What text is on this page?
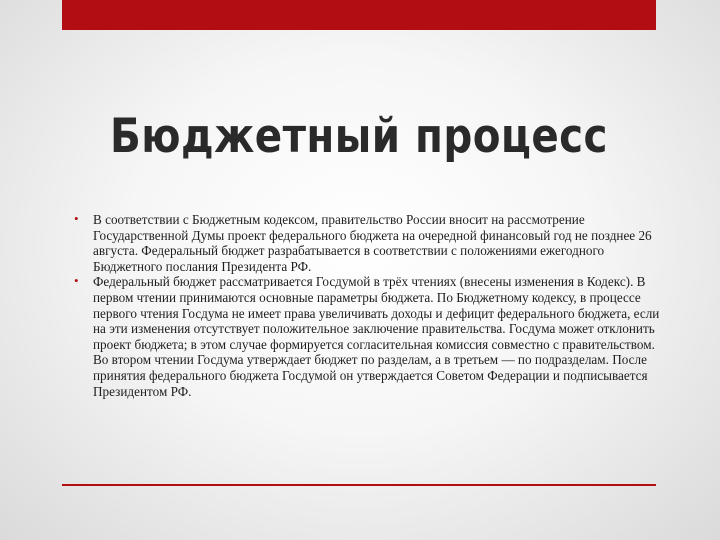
Бюджетный процесс
• В соответствии с Бюджетным кодексом, правительство России вносит на рассмотрение Государственной Думы проект федерального бюджета на очередной финансовый год не позднее 26 августа. Федеральный бюджет разрабатывается в соответствии с положениями ежегодного Бюджетного послания Президента РФ.
• Федеральный бюджет рассматривается Госдумой в трёх чтениях (внесены изменения в Кодекс). В первом чтении принимаются основные параметры бюджета. По Бюджетному кодексу, в процессе первого чтения Госдума не имеет права увеличивать доходы и дефицит федерального бюджета, если на эти изменения отсутствует положительное заключение правительства. Госдума может отклонить проект бюджета; в этом случае формируется согласительная комиссия совместно с правительством. Во втором чтении Госдума утверждает бюджет по разделам, а в третьем — по подразделам. После принятия федерального бюджета Госдумой он утверждается Советом Федерации и подписывается Президентом РФ.
